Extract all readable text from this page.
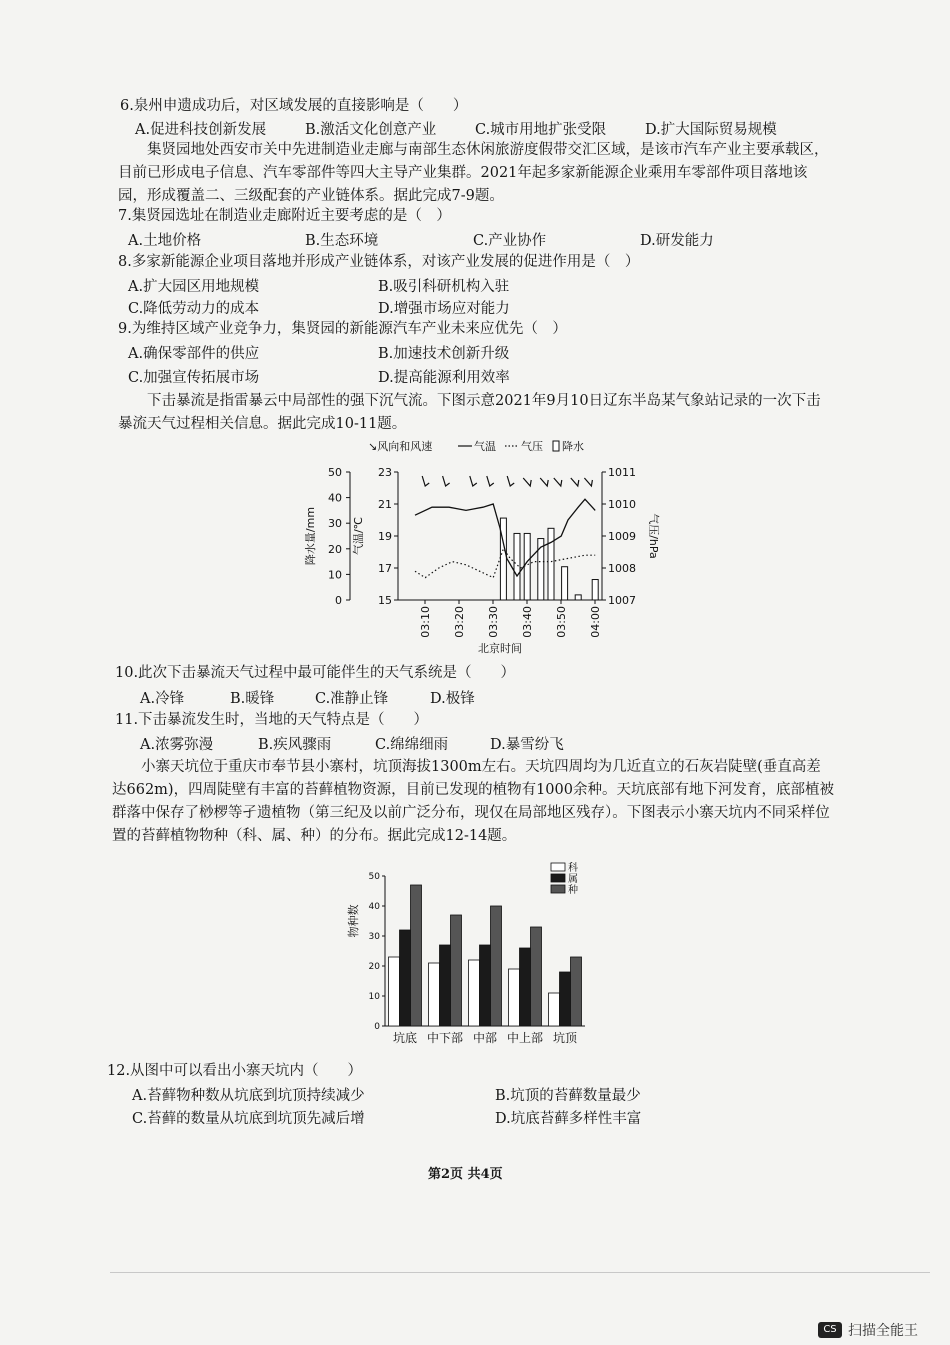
6.泉州申遗成功后，对区域发展的直接影响是（　　）
A.促进科技创新发展	B.激活文化创意产业	C.城市用地扩张受限	D.扩大国际贸易规模
集贤园地处西安市关中先进制造业走廊与南部生态休闲旅游度假带交汇区域，是该市汽车产业主要承载区，目前已形成电子信息、汽车零部件等四大主导产业集群。2021年起多家新能源企业乘用车零部件项目落地该园，形成覆盖二、三级配套的产业链体系。据此完成7-9题。
7.集贤园选址在制造业走廊附近主要考虑的是（　）
A.土地价格	B.生态环境	C.产业协作	D.研发能力
8.多家新能源企业项目落地并形成产业链体系，对该产业发展的促进作用是（　）
A.扩大园区用地规模	B.吸引科研机构入驻
C.降低劳动力的成本	D.增强市场应对能力
9.为维持区域产业竞争力，集贤园的新能源汽车产业未来应优先（　）
A.确保零部件的供应	B.加速技术创新升级
C.加强宣传拓展市场	D.提高能源利用效率
下击暴流是指雷暴云中局部性的强下沉气流。下图示意2021年9月10日辽东半岛某气象站记录的一次下击暴流天气过程相关信息。据此完成10-11题。
↘风向和风速	气温 气压 降水
50
40
30
20
10
0
23
21
19
17
15
1011
1010
1009
1008
1007
降水量/mm	气温/℃	气压/hPa
03:10 03:20 03:30 03:40 03:50 04:00
北京时间
10.此次下击暴流天气过程中最可能伴生的天气系统是（　　）
A.冷锋	B.暖锋	C.准静止锋	D.极锋
11.下击暴流发生时，当地的天气特点是（　　）
A.浓雾弥漫	B.疾风骤雨	C.绵绵细雨	D.暴雪纷飞
小寨天坑位于重庆市奉节县小寨村，坑顶海拔1300m左右。天坑四周均为几近直立的石灰岩陡壁(垂直高差达662m)，四周陡壁有丰富的苔藓植物资源，目前已发现的植物有1000余种。天坑底部有地下河发育，底部植被群落中保存了桫椤等孑遗植物（第三纪及以前广泛分布，现仅在局部地区残存）。下图表示小寨天坑内不同采样位置的苔藓植物物种（科、属、种）的分布。据此完成12-14题。
50
40
30
20
10
0
物种数
坑底 中下部 中部 中上部 坑顶
科
属
种
12.从图中可以看出小寨天坑内（　　）
A.苔藓物种数从坑底到坑顶持续减少	B.坑顶的苔藓数量最少
C.苔藓的数量从坑底到坑顶先减后增	D.坑底苔藓多样性丰富
第2页 共4页
CS 扫描全能王
